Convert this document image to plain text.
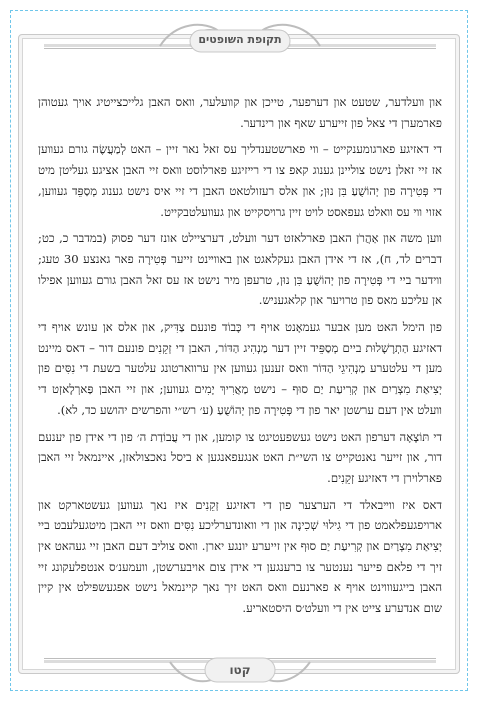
תקופת השופטים

און װעלדער, שטעט און דערפער, טייכן און קװעלער, װאס האבן גלייכצייטיג אויך געטוהן פארמערן די צאל פון זייערע שאף און רינדער.

די דאזיגע פארגומענקייט – װי פארשטענדליך עס זאל נאר זיין – האט לְמַעֲשֶׂה גורם געװען אז זיי זאלן נישט צוליינן גענוג קאפ צו די רײזיגע פארלוסט װאס זיי האבן אציגע געליטן מיט די פְּטִירָה פון יְהוֹשֻׁעַ בִּן נוּן; און אלס רעזולטאט האבן די זיי איס נישט גענוג מְסַפֵּד געװען, אזוי װי עס װאלט געפאסט לויט זיין גרױסקייט און געװעלטבקייט.

װען משה און אַהֲרֹן האבן פארלאזט דער װעלט, דערציילט אונז דער פסוק (במדבר כ, כט; דברים לד, ח), אז די אידן האבן געקלאגט און באװײנט זייער פְּטִירָה פאר גאנצע 30 טעג; װידער ביי די פְּטִירָה פון יְהוֹשֻׁעַ בִּן נוּן, טרעפן מיר נישט אז עס זאל האבן גורם געװען אפילו אן עליכע מאס פון טרויער און קלאגעניש.

פון הימל האט מען אבער געמאָנט אויף די כָּבוֹד פונעם צַדִּיק, און אלס אן עונש אויף די דאזיגע הַתְרָשָׁלוּת ביים מְסַפֵּיד זיין דער מַנְהִיג הַדּוֹר, האבן די זְקֵנִים פונעם דור – דאס מיינט מען די עלטערע מַנְהִיגֵי הַדּוֹר װאס זענען געװען אין ערװארטונג עלטער בשעת די נִסִּים פון יְצִיאַת מִצְרַיִם און קְרִיעַת יַם סוּף – נישט מַאֲרִיךְ יָמִים געװען; און זיי האבן פַּארְלָאזְט די װעלט אין דעם ערשטן יאר פון די פְּטִירָה פון יְהוֹשֻׁעַ (ע׳ רש״י והפרשים יהושע כד, לא).

די תּוֹצָאָה דערפון האט נישט געשפעטיגט צו קומען, און די עֲבוֹדַת ה׳ פון די אידן פון יענעם דור, און זייער נאנטקייט צו השי״ת האט אנגעפאנגען א ביסל נאכצולאזן, איינמאל זיי האבן פארלוירן די דאזיגע זְקֵנִים.

דאס איז װײבאלד די הערצער פון די דאזיגע זְקֵנִים איז נאך געװען געשטארקט און ארויפגעפלאמט פון די גִילוּי שְׁכִינָה און די װאונדערליכע נִסִּים װאס זיי האבן מיטגעלעבט ביי יְצִיאַת מִצְרַיִם און קְרִיעַת יַם סוּף אין זייערע יונגע יארן. װאס צוליב דעם האבן זיי געהאט אין זיך די פלאם פייער נענטער צו ברענגען די אידן צום אויבערשטן, װעמענ׳ס אנטפלעקונג זיי האבן בייגעװױנט אויף א פארנעם װאס האט זיך נאך קיינמאל נישט אפגעשפּילט אין קיין שום אנדערע צייט אין די װעלט׳ס היסטאריע.

קטו
